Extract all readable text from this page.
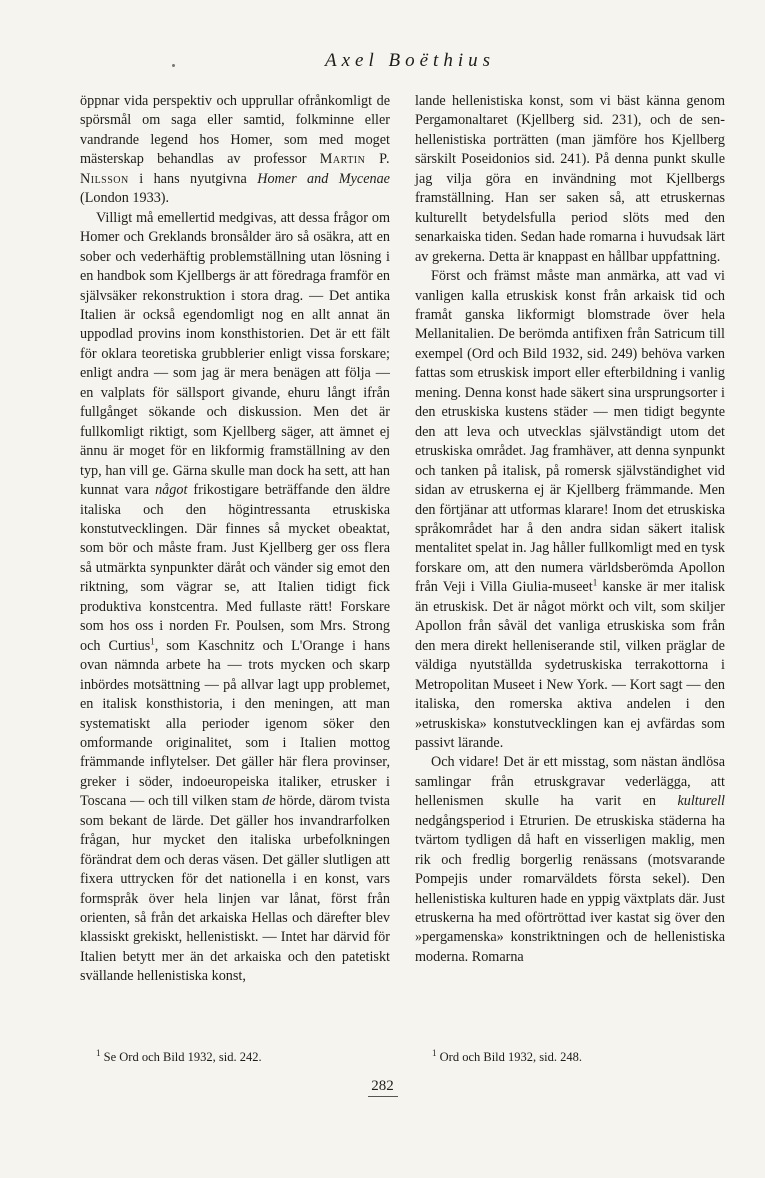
Axel Boëthius

öppnar vida perspektiv och upprullar ofrånkomligt de spörsmål om saga eller samtid, folkminne eller vandrande legend hos Homer, som med moget mästerskap behandlas av professor Martin P. Nilsson i hans nyutgivna Homer and Mycenae (London 1933).

Villigt må emellertid medgivas, att dessa frågor om Homer och Greklands bronsålder äro så osäkra, att en sober och vederhäftig problemställning utan lösning i en handbok som Kjellbergs är att föredraga framför en självsäker rekonstruktion i stora drag. — Det antika Italien är också egendomligt nog en allt annat än uppodlad provins inom konsthistorien. Det är ett fält för oklara teoretiska grubblerier enligt vissa forskare; enligt andra — som jag är mera benägen att följa — en valplats för sällsport givande, ehuru långt ifrån fullgånget sökande och diskussion. Men det är fullkomligt riktigt, som Kjellberg säger, att ämnet ej ännu är moget för en likformig framställning av den typ, han vill ge. Gärna skulle man dock ha sett, att han kunnat vara något frikostigare beträffande den äldre italiska och den högintressanta etruskiska konstutvecklingen. Där finnes så mycket obeaktat, som bör och måste fram. Just Kjellberg ger oss flera så utmärkta synpunkter däråt och vänder sig emot den riktning, som vägrar se, att Italien tidigt fick produktiva konstcentra. Med fullaste rätt! Forskare som hos oss i norden Fr. Poulsen, som Mrs. Strong och Curtius$^1$, som Kaschnitz och L'Orange i hans ovan nämnda arbete ha — trots mycken och skarp inbördes motsättning — på allvar lagt upp problemet, en italisk konsthistoria, i den meningen, att man systematiskt alla perioder igenom söker den omformande originalitet, som i Italien mottog främmande inflytelser. Det gäller här flera provinser, greker i söder, indoeuropeiska italiker, etrusker i Toscana — och till vilken stam de hörde, därom tvista som bekant de lärde. Det gäller hos invandrarfolken frågan, hur mycket den italiska urbefolkningen förändrat dem och deras väsen. Det gäller slutligen att fixera uttrycken för det nationella i en konst, vars formspråk över hela linjen var lånat, först från orienten, så från det arkaiska Hellas och därefter blev klassiskt grekiskt, hellenistiskt. — Intet har därvid för Italien betytt mer än det arkaiska och den patetiskt svällande hellenistiska konst,

lande hellenistiska konst, som vi bäst känna genom Pergamonaltaret (Kjellberg sid. 231), och de sen-hellenistiska porträtten (man jämföre hos Kjellberg särskilt Poseidonios sid. 241). På denna punkt skulle jag vilja göra en invändning mot Kjellbergs framställning. Han ser saken så, att etruskernas kulturellt betydelsfulla period slöts med den senarkaiska tiden. Sedan hade romarna i huvudsak lärt av grekerna. Detta är knappast en hållbar uppfattning.

Först och främst måste man anmärka, att vad vi vanligen kalla etruskisk konst från arkaisk tid och framåt ganska likformigt blomstrade över hela Mellanitalien. De berömda antifixen från Satricum till exempel (Ord och Bild 1932, sid. 249) behöva varken fattas som etruskisk import eller efterbildning i vanlig mening. Denna konst hade säkert sina ursprungsorter i den etruskiska kustens städer — men tidigt begynte den att leva och utvecklas självständigt utom det etruskiska området. Jag framhäver, att denna synpunkt och tanken på italisk, på romersk självständighet vid sidan av etruskerna ej är Kjellberg främmande. Men den förtjänar att utformas klarare! Inom det etruskiska språkområdet har å den andra sidan säkert italisk mentalitet spelat in. Jag håller fullkomligt med en tysk forskare om, att den numera världsberömda Apollon från Veji i Villa Giulia-museet$^1$ kanske är mer italisk än etruskisk. Det är något mörkt och vilt, som skiljer Apollon från såväl det vanliga etruskiska som från den mera direkt helleniserande stil, vilken präglar de väldiga nyutställda sydetruskiska terrakottorna i Metropolitan Museet i New York. — Kort sagt — den italiska, den romerska aktiva andelen i den »etruskiska» konstutvecklingen kan ej avfärdas som passivt lärande.

Och vidare! Det är ett misstag, som nästan ändlösa samlingar från etruskgravar vederlägga, att hellenismen skulle ha varit en kulturell nedgångsperiod i Etrurien. De etruskiska städerna ha tvärtom tydligen då haft en visserligen maklig, men rik och fredlig borgerlig renässans (motsvarande Pompejis under romarväldets första sekel). Den hellenistiska kulturen hade en yppig växtplats där. Just etruskerna ha med oförtröttad iver kastat sig över den »pergamenska» konstriktningen och de hellenistiska moderna. Romarna

$^1$ Se Ord och Bild 1932, sid. 242.	$^1$ Ord och Bild 1932, sid. 248.
282
